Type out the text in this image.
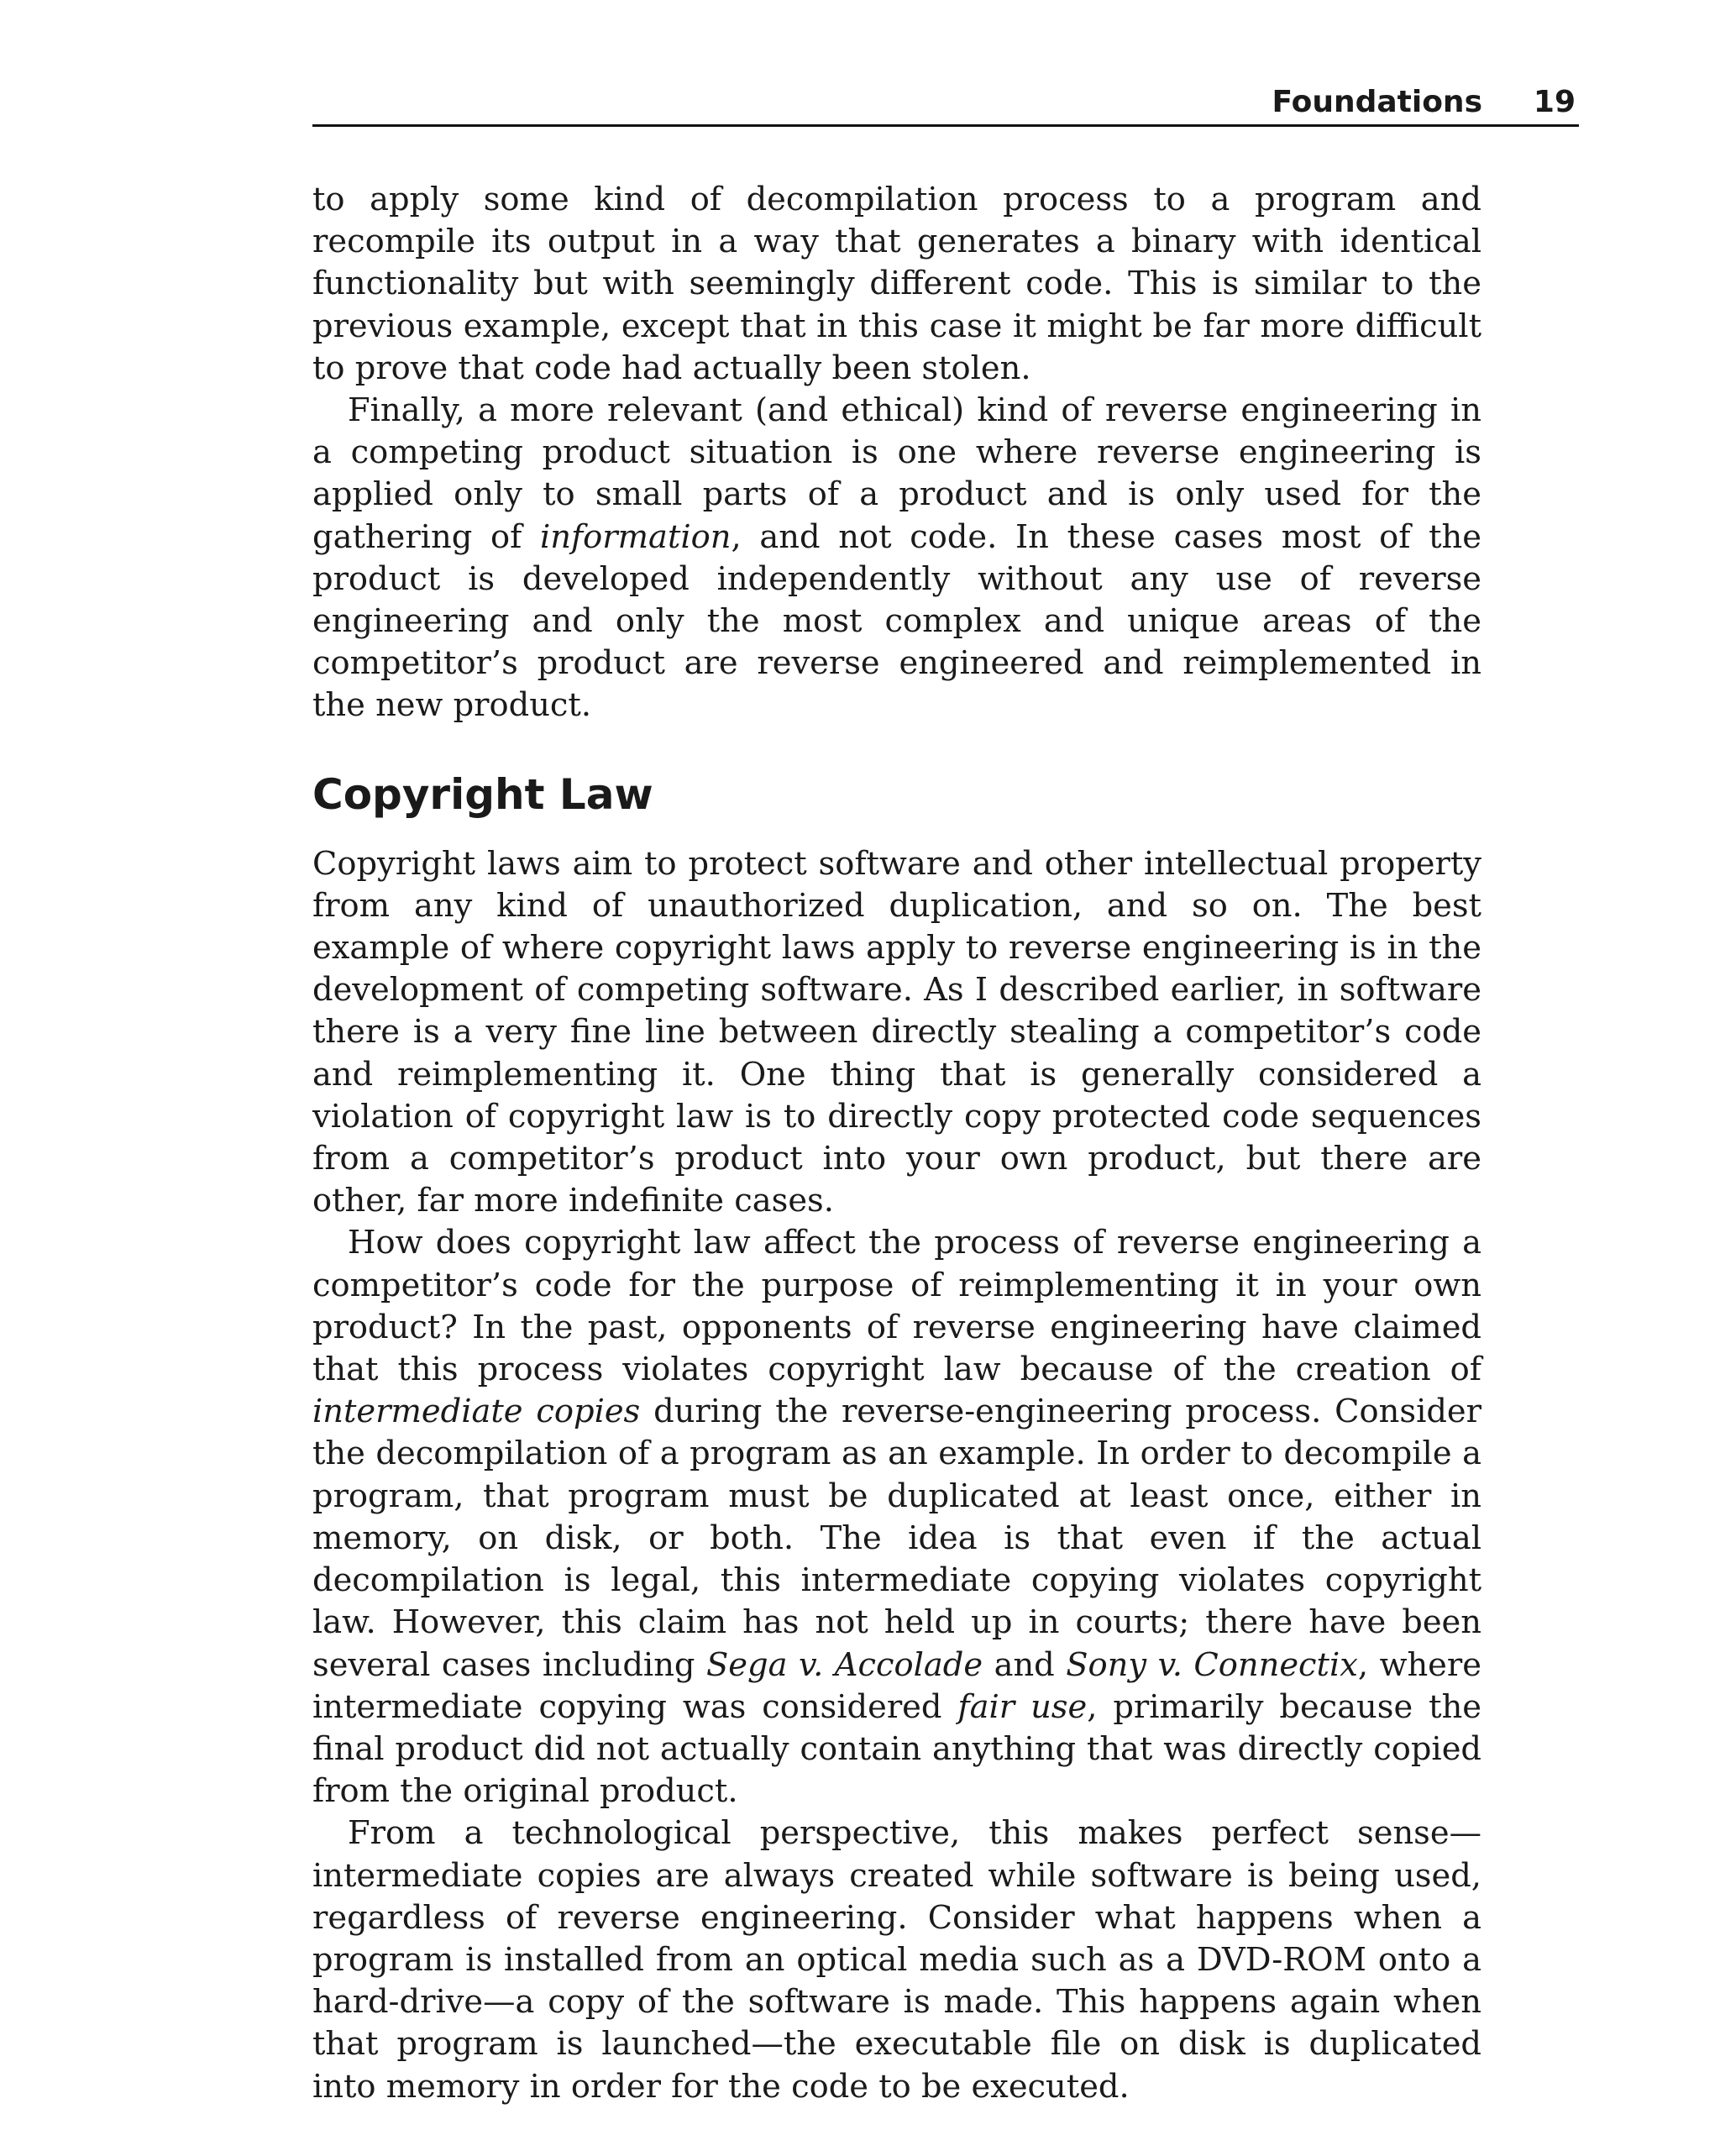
Foundations 19

to apply some kind of decompilation process to a program and recompile its output in a way that generates a binary with identical functionality but with seemingly different code. This is similar to the previous example, except that in this case it might be far more difficult to prove that code had actually been stolen.

Finally, a more relevant (and ethical) kind of reverse engineering in a competing product situation is one where reverse engineering is applied only to small parts of a product and is only used for the gathering of information, and not code. In these cases most of the product is developed independently without any use of reverse engineering and only the most complex and unique areas of the competitor’s product are reverse engineered and reimplemented in the new product.

Copyright Law

Copyright laws aim to protect software and other intellectual property from any kind of unauthorized duplication, and so on. The best example of where copyright laws apply to reverse engineering is in the development of competing software. As I described earlier, in software there is a very fine line between directly stealing a competitor’s code and reimplementing it. One thing that is generally considered a violation of copyright law is to directly copy protected code sequences from a competitor’s product into your own product, but there are other, far more indefinite cases.

How does copyright law affect the process of reverse engineering a competitor’s code for the purpose of reimplementing it in your own product? In the past, opponents of reverse engineering have claimed that this process violates copyright law because of the creation of intermediate copies during the reverse-engineering process. Consider the decompilation of a program as an example. In order to decompile a program, that program must be duplicated at least once, either in memory, on disk, or both. The idea is that even if the actual decompilation is legal, this intermediate copying violates copyright law. However, this claim has not held up in courts; there have been several cases including Sega v. Accolade and Sony v. Connectix, where intermediate copying was considered fair use, primarily because the final product did not actually contain anything that was directly copied from the original product.

From a technological perspective, this makes perfect sense—intermediate copies are always created while software is being used, regardless of reverse engineering. Consider what happens when a program is installed from an optical media such as a DVD-ROM onto a hard-drive—a copy of the software is made. This happens again when that program is launched—the executable file on disk is duplicated into memory in order for the code to be executed.
